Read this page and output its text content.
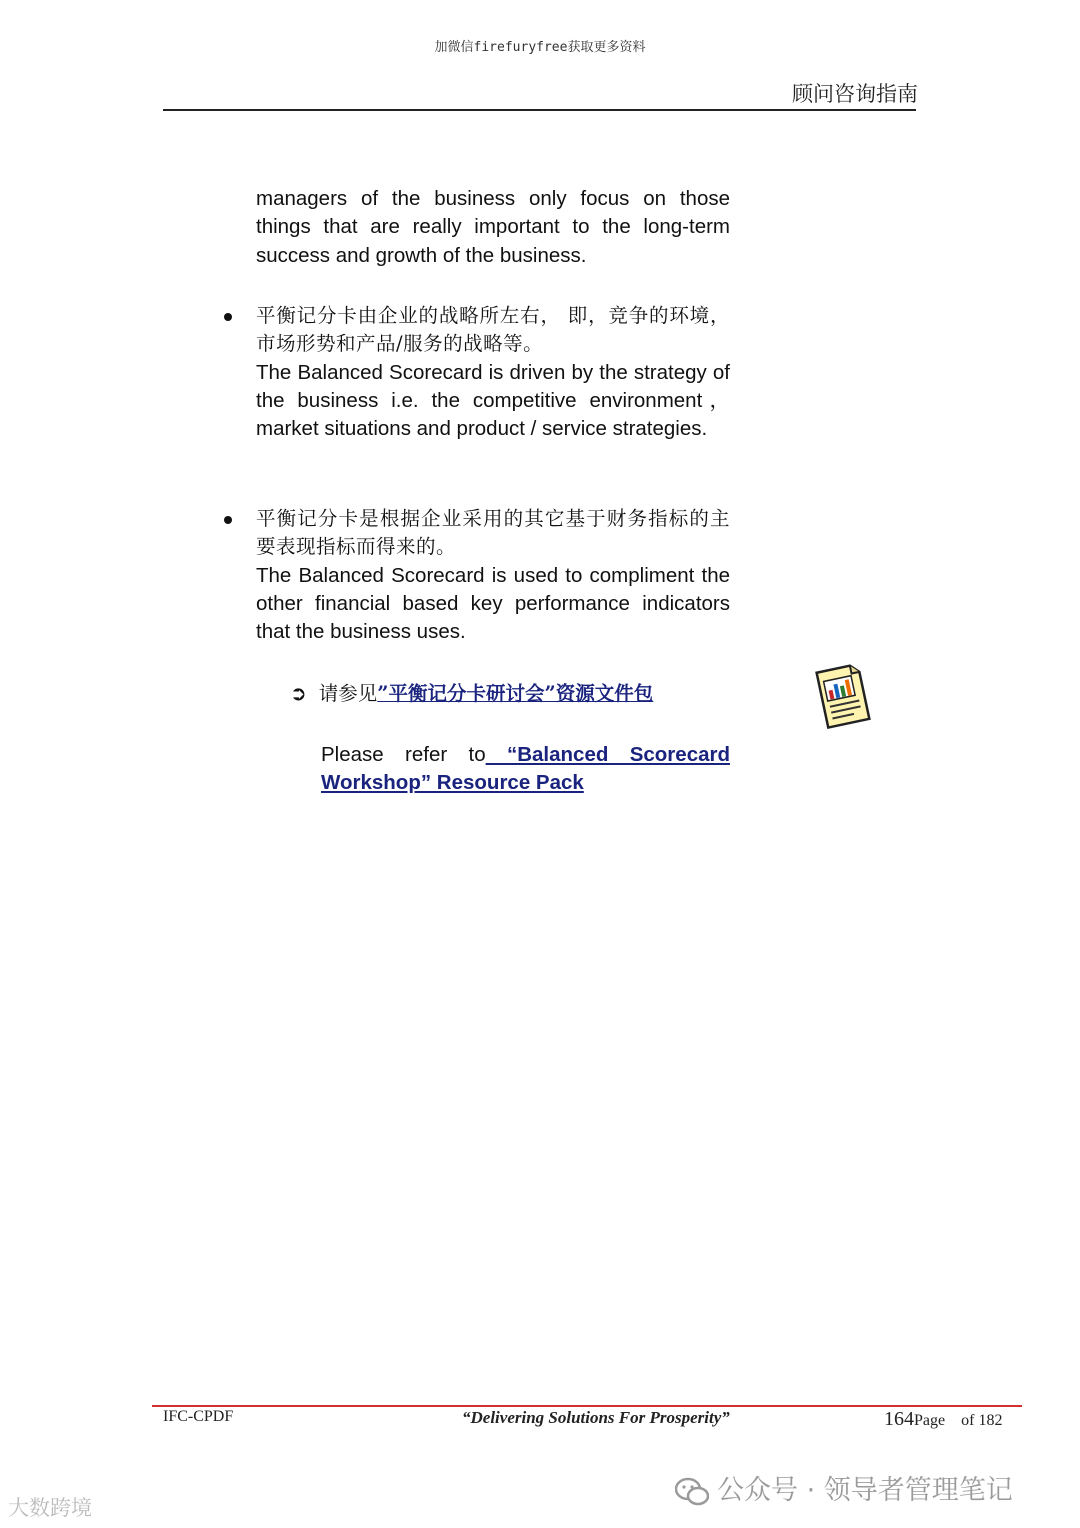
加微信firefuryfree获取更多资料
顾问咨询指南
managers of the business only focus on those things that are really important to the long-term success and growth of the business.
平衡记分卡由企业的战略所左右， 即，竞争的环境，市场形势和产品/服务的战略等。
The Balanced Scorecard is driven by the strategy of the business i.e. the competitive environment， market situations and product / service strategies.
平衡记分卡是根据企业采用的其它基于财务指标的主要表现指标而得来的。
The Balanced Scorecard is used to compliment the other financial based key performance indicators that the business uses.
➲ 请参见”平衡记分卡研讨会”资源文件包
Please refer to “Balanced Scorecard Workshop” Resource Pack
IFC-CPDF	“Delivering Solutions For Prosperity”	164Page of 182
大数跨境
公众号 · 领导者管理笔记
